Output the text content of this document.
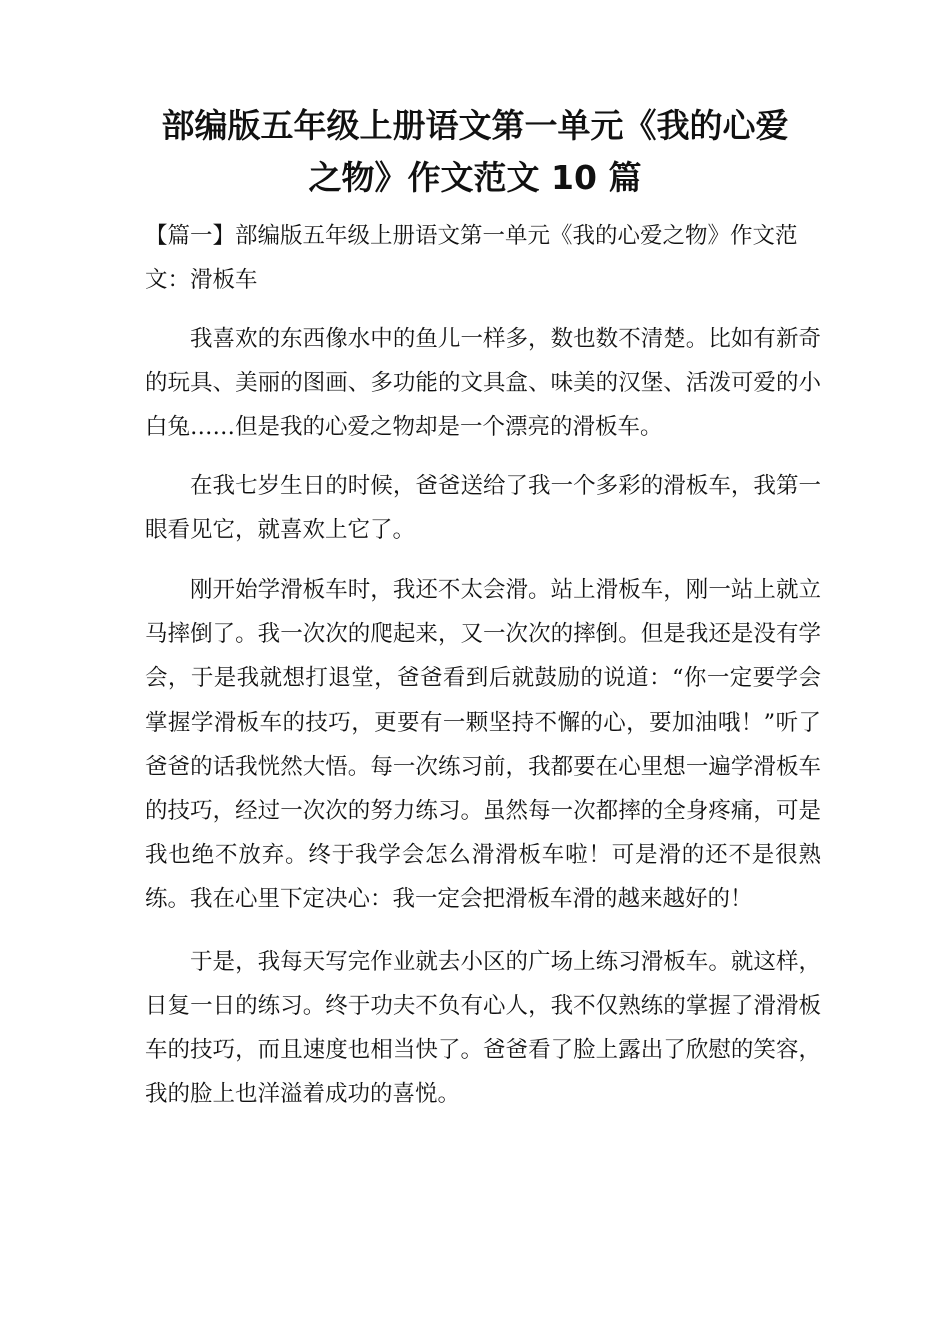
部编版五年级上册语文第一单元《我的心爱
之物》作文范文 10 篇

【篇一】部编版五年级上册语文第一单元《我的心爱之物》作文范文：滑板车

我喜欢的东西像水中的鱼儿一样多，数也数不清楚。比如有新奇的玩具、美丽的图画、多功能的文具盒、味美的汉堡、活泼可爱的小白兔……但是我的心爱之物却是一个漂亮的滑板车。

在我七岁生日的时候，爸爸送给了我一个多彩的滑板车，我第一眼看见它，就喜欢上它了。

刚开始学滑板车时，我还不太会滑。站上滑板车，刚一站上就立马摔倒了。我一次次的爬起来，又一次次的摔倒。但是我还是没有学会，于是我就想打退堂，爸爸看到后就鼓励的说道：“你一定要学会掌握学滑板车的技巧，更要有一颗坚持不懈的心，要加油哦！”听了爸爸的话我恍然大悟。每一次练习前，我都要在心里想一遍学滑板车的技巧，经过一次次的努力练习。虽然每一次都摔的全身疼痛，可是我也绝不放弃。终于我学会怎么滑滑板车啦！可是滑的还不是很熟练。我在心里下定决心：我一定会把滑板车滑的越来越好的！

于是，我每天写完作业就去小区的广场上练习滑板车。就这样，日复一日的练习。终于功夫不负有心人，我不仅熟练的掌握了滑滑板车的技巧，而且速度也相当快了。爸爸看了脸上露出了欣慰的笑容，我的脸上也洋溢着成功的喜悦。
